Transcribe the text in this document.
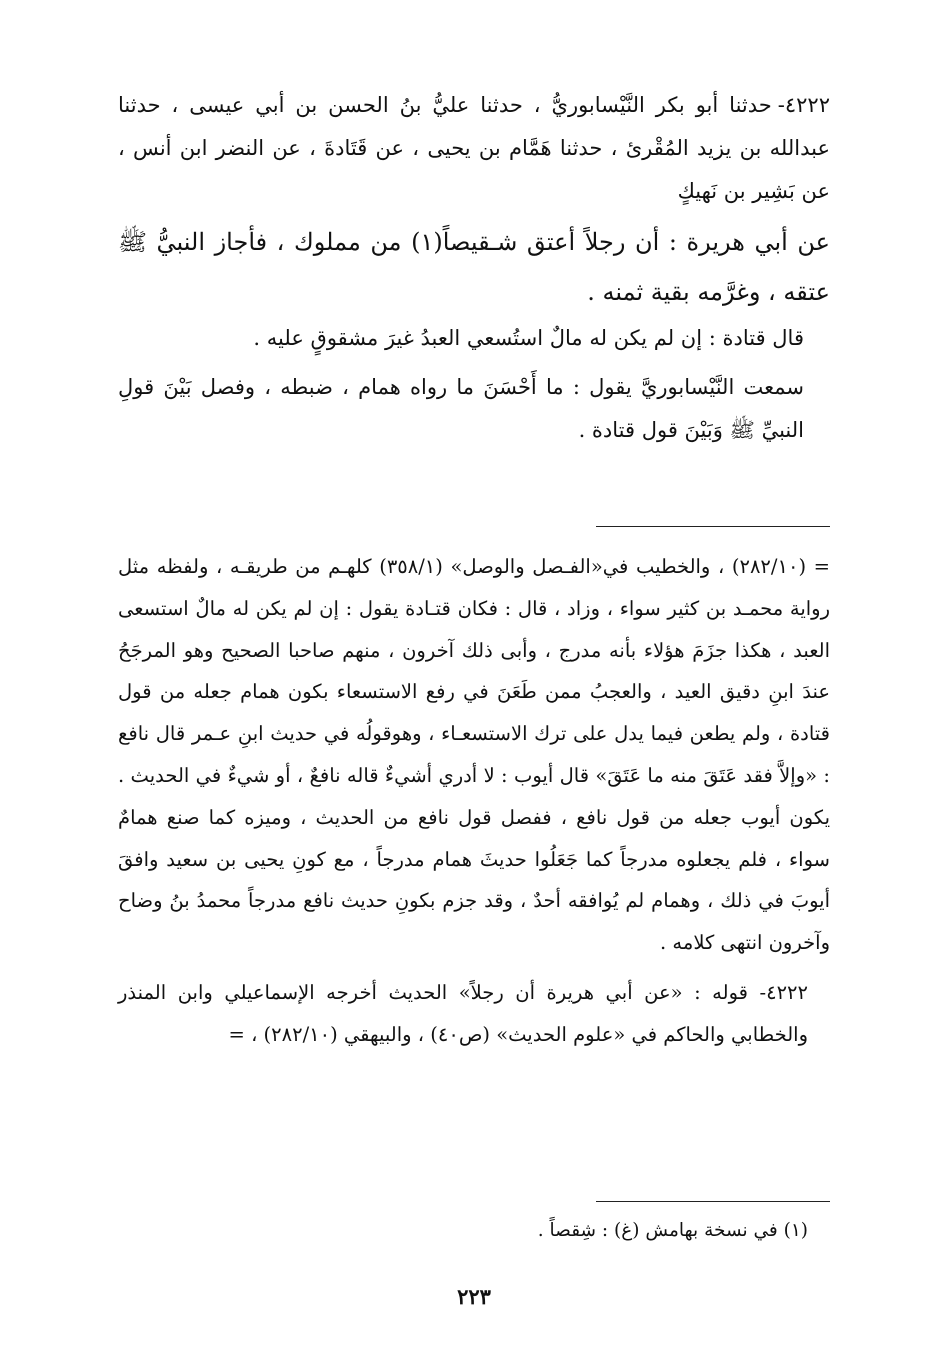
٤٢٢٢-حدثنا أبو بكر النَّيْسابوريُّ ، حدثنا عليُّ بنُ الحسن بن أبي عيسى ، حدثنا عبدالله بن يزيد المُقْرئ ، حدثنا هَمَّام بن يحيى ، عن قَتَادةَ ، عن النضر ابن أنس ، عن بَشِير بن نَهيكٍ

عن أبي هريرة : أن رجلاً أعتق شـقيصاً(١) من مملوك ، فأجاز النبيُّ ﷺ عتقه ، وغرَّمه بقية ثمنه .

قال قتادة : إن لم يكن له مالٌ استُسعي العبدُ غيرَ مشقوقٍ عليه .

سمعت النَّيْسابوريَّ يقول : ما أَحْسَنَ ما رواه همام ، ضبطه ، وفصل بَيْنَ قولِ النبيِّ ﷺ وَبَيْنَ قول قتادة .

= (٢٨٢/١٠) ، والخطيب في«الفـصل والوصل» (٣٥٨/١) كلهـم من طريقـه ، ولفظه مثل رواية محمـد بن كثير سواء ، وزاد ، قال : فكان قتـادة يقول : إن لم يكن له مالٌ استسعى العبد ، هكذا جزَمَ هؤلاء بأنه مدرج ، وأبى ذلك آخرون ، منهم صاحبا الصحيح وهو المرجَحُ عندَ ابنِ دقيق العيد ، والعجبُ ممن طَعَنَ في رفع الاستسعاء بكون همام جعله من قول قتادة ، ولم يطعن فيما يدل على ترك الاستسعـاء ، وهوقولُه في حديث ابنِ عـمر قال نافع : «وإلاَّ فقد عَتَقَ منه ما عَتَقَ» قال أيوب : لا أدري أشيءٌ قاله نافعٌ ، أو شيءٌ في الحديث . يكون أيوب جعله من قول نافع ، ففصل قول نافع من الحديث ، وميزه كما صنع همامٌ سواء ، فلم يجعلوه مدرجاً كما جَعَلُوا حديثَ همام مدرجاً ، مع كونِ يحيى بن سعيد وافقَ أيوبَ في ذلك ، وهمام لم يُوافقه أحدٌ ، وقد جزم بكونِ حديث نافع مدرجاً محمدُ بنُ وضاح وآخرون انتهى كلامه .

٤٢٢٢- قوله : «عن أبي هريرة أن رجلاً» الحديث أخرجه الإسماعيلي وابن المنذر والخطابي والحاكم في «علوم الحديث» (ص٤٠) ، والبيهقي (٢٨٢/١٠) ، =

(١) في نسخة بهامش (غ) : شِقصاً .

٢٢٣
